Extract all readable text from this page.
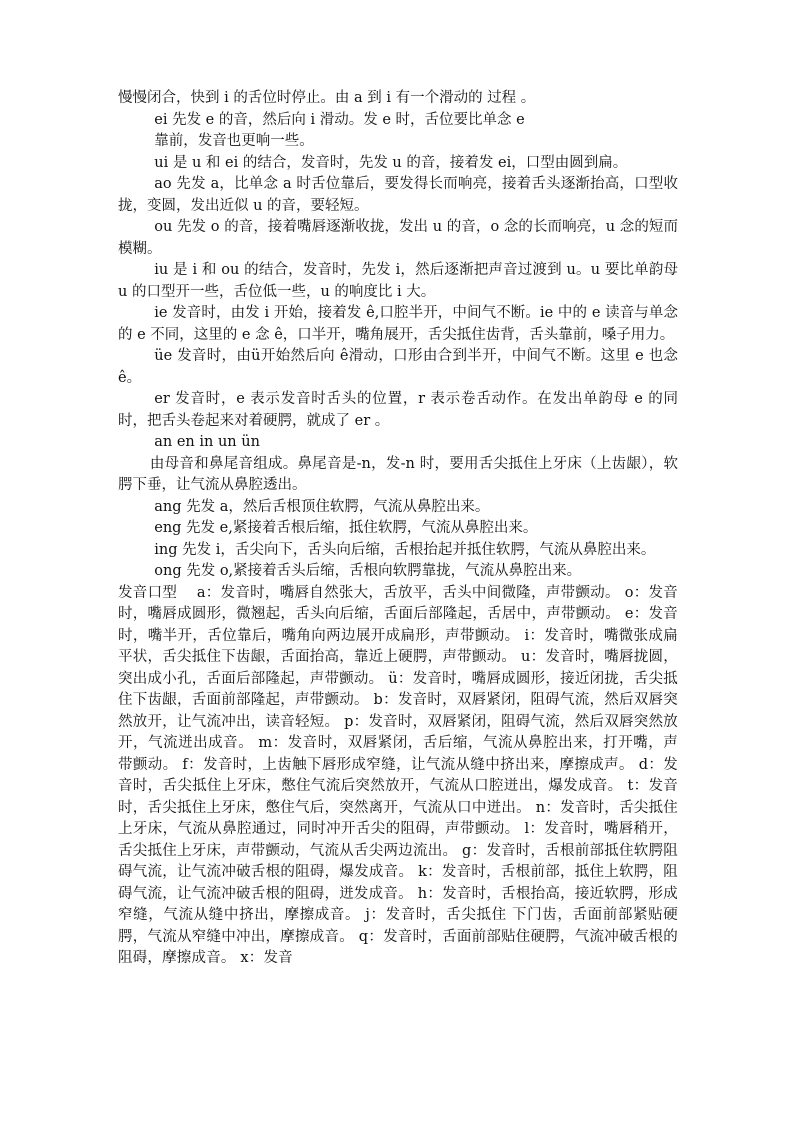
慢慢闭合，快到 i 的舌位时停止。由 a 到 i 有一个滑动的 过程 。

ei 先发 e 的音，然后向 i 滑动。发 e 时，舌位要比单念 e

靠前，发音也更响一些。

ui 是 u 和 ei 的结合，发音时，先发 u 的音，接着发 ei，口型由圆到扁。

ao 先发 a，比单念 a 时舌位靠后，要发得长而响亮，接着舌头逐渐抬高，口型收拢，变圆，发出近似 u 的音，要轻短。

ou 先发 o 的音，接着嘴唇逐渐收拢，发出 u 的音，o 念的长而响亮，u 念的短而模糊。

iu 是 i 和 ou 的结合，发音时，先发 i，然后逐渐把声音过渡到 u。u 要比单韵母 u 的口型开一些，舌位低一些，u 的响度比 i 大。

ie 发音时，由发 i 开始，接着发 ê,口腔半开，中间气不断。ie 中的 e 读音与单念的 e 不同，这里的 e 念 ê，口半开，嘴角展开，舌尖抵住齿背，舌头靠前，嗓子用力。

üe 发音时，由ü开始然后向 ê滑动，口形由合到半开，中间气不断。这里 e 也念 ê。

er 发音时，e 表示发音时舌头的位置，r 表示卷舌动作。在发出单韵母 e 的同时，把舌头卷起来对着硬腭，就成了 er 。

an en in un ün

由母音和鼻尾音组成。鼻尾音是-n，发-n 时，要用舌尖抵住上牙床（上齿龈），软腭下垂，让气流从鼻腔透出。

ang 先发 a，然后舌根顶住软腭，气流从鼻腔出来。

eng 先发 e,紧接着舌根后缩，抵住软腭，气流从鼻腔出来。

ing 先发 i，舌尖向下，舌头向后缩，舌根抬起并抵住软腭，气流从鼻腔出来。

ong 先发 o,紧接着舌头后缩，舌根向软腭靠拢，气流从鼻腔出来。

发音口型　 a：发音时，嘴唇自然张大，舌放平，舌头中间微隆，声带颤动。 o：发音时，嘴唇成圆形，微翘起，舌头向后缩，舌面后部隆起，舌居中，声带颤动。 e：发音时，嘴半开，舌位靠后，嘴角向两边展开成扁形，声带颤动。 i：发音时，嘴微张成扁平状，舌尖抵住下齿龈，舌面抬高，靠近上硬腭，声带颤动。 u：发音时，嘴唇拢圆，突出成小孔，舌面后部隆起，声带颤动。 ü：发音时，嘴唇成圆形，接近闭拢，舌尖抵住下齿龈，舌面前部隆起，声带颤动。 b：发音时，双唇紧闭，阻碍气流，然后双唇突然放开，让气流冲出，读音轻短。 p：发音时，双唇紧闭，阻碍气流，然后双唇突然放开，气流迸出成音。 m：发音时，双唇紧闭，舌后缩，气流从鼻腔出来，打开嘴，声带颤动。 f：发音时，上齿触下唇形成窄缝，让气流从缝中挤出来，摩擦成声。 d：发音时，舌尖抵住上牙床，憋住气流后突然放开，气流从口腔迸出，爆发成音。 t：发音时，舌尖抵住上牙床，憋住气后，突然离开，气流从口中迸出。 n：发音时，舌尖抵住上牙床，气流从鼻腔通过，同时冲开舌尖的阻碍，声带颤动。 l：发音时，嘴唇稍开，舌尖抵住上牙床，声带颤动，气流从舌尖两边流出。 g：发音时，舌根前部抵住软腭阻碍气流，让气流冲破舌根的阻碍，爆发成音。 k：发音时，舌根前部，抵住上软腭，阻碍气流，让气流冲破舌根的阻碍，迸发成音。 h：发音时，舌根抬高，接近软腭，形成窄缝，气流从缝中挤出，摩擦成音。 j：发音时，舌尖抵住 下门齿，舌面前部紧贴硬腭，气流从窄缝中冲出，摩擦成音。 q：发音时，舌面前部贴住硬腭，气流冲破舌根的阻碍，摩擦成音。 x：发音
